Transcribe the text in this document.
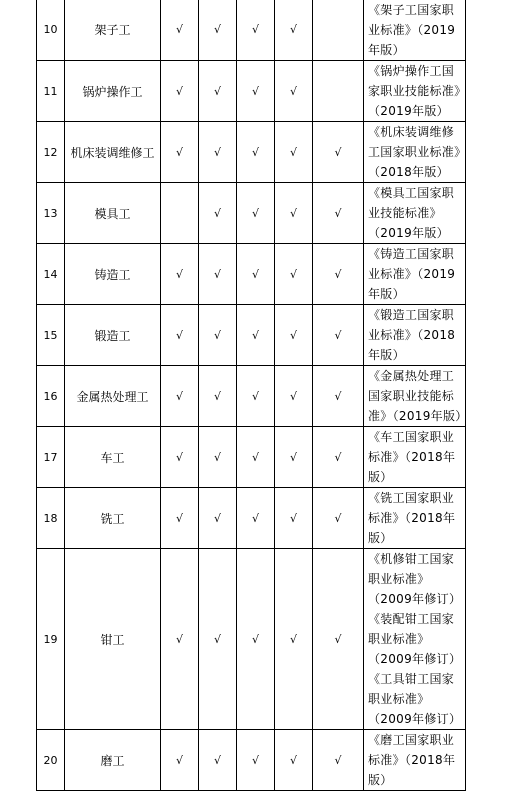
10	架子工	√	√	√	√		《架子工国家职业标准》（2019年版）

11	锅炉操作工	√	√	√	√		《锅炉操作工国家职业技能标准》（2019年版）

12	机床装调维修工	√	√	√	√	√	《机床装调维修工国家职业标准》（2018年版）

13	模具工		√	√	√	√	《模具工国家职业技能标准》（2019年版）

14	铸造工	√	√	√	√	√	《铸造工国家职业标准》（2019年版）

15	锻造工	√	√	√	√	√	《锻造工国家职业标准》（2018年版）

16	金属热处理工	√	√	√	√	√	《金属热处理工国家职业技能标准》（2019年版）

17	车工	√	√	√	√	√	《车工国家职业标准》（2018年版）

18	铣工	√	√	√	√	√	《铣工国家职业标准》（2018年版）

19	钳工	√	√	√	√	√	《机修钳工国家职业标准》（2009年修订）
《装配钳工国家职业标准》（2009年修订）
《工具钳工国家职业标准》（2009年修订）

20	磨工	√	√	√	√	√	《磨工国家职业标准》（2018年版）
